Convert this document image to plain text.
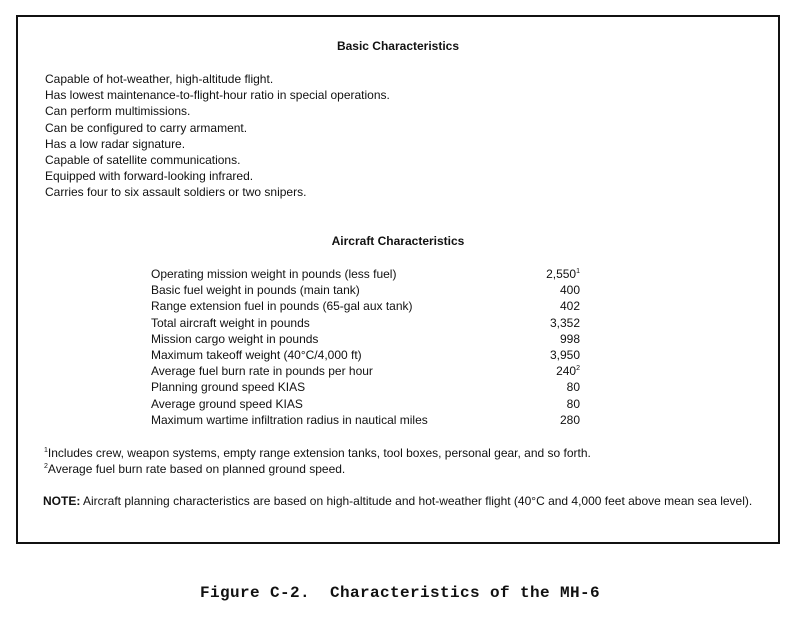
Basic Characteristics
Capable of hot-weather, high-altitude flight.
Has lowest maintenance-to-flight-hour ratio in special operations.
Can perform multimissions.
Can be configured to carry armament.
Has a low radar signature.
Capable of satellite communications.
Equipped with forward-looking infrared.
Carries four to six assault soldiers or two snipers.
Aircraft Characteristics
Operating mission weight in pounds (less fuel)	2,550$^1$
Basic fuel weight in pounds (main tank)	400
Range extension fuel in pounds (65-gal aux tank)	402
Total aircraft weight in pounds	3,352
Mission cargo weight in pounds	998
Maximum takeoff weight (40°C/4,000 ft)	3,950
Average fuel burn rate in pounds per hour	$240^2$
Planning ground speed KIAS	80
Average ground speed KIAS	80
Maximum wartime infiltration radius in nautical miles	280
$^1$Includes crew, weapon systems, empty range extension tanks, tool boxes, personal gear, and so forth.
$^2$Average fuel burn rate based on planned ground speed.
NOTE: Aircraft planning characteristics are based on high-altitude and hot-weather flight (40°C and 4,000 feet above mean sea level).
Figure C-2.  Characteristics of the MH-6
